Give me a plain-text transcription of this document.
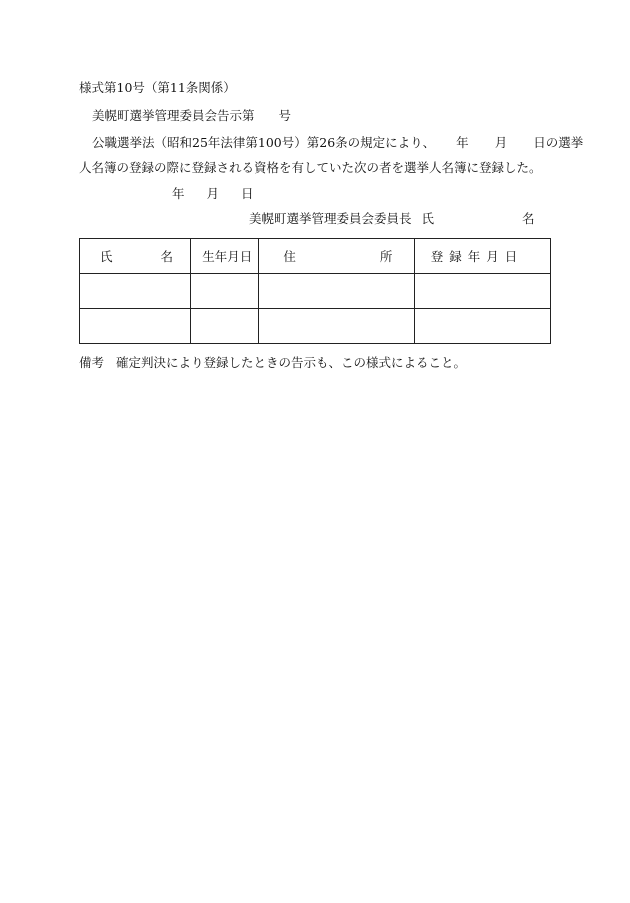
様式第10号（第11条関係）
美幌町選挙管理委員会告示第 号
公職選挙法（昭和25年法律第100号）第26条の規定により、 年 月 日の選挙
人名簿の登録の際に登録される資格を有していた次の者を選挙人名簿に登録した。
年 月 日
美幌町選挙管理委員会委員長 氏	名
氏 名	生年月日	住 所	登録年月日

備考 確定判決により登録したときの告示も、この様式によること。
